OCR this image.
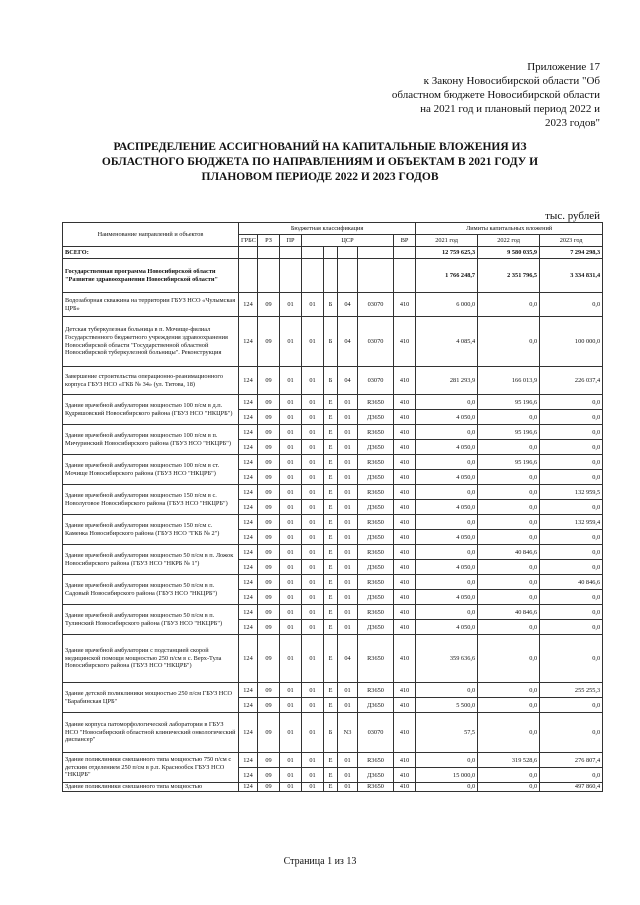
Приложение 17
к Закону Новосибирской области "Об
областном бюджете Новосибирской области
на 2021 год и плановый период 2022 и
2023 годов"
РАСПРЕДЕЛЕНИЕ АССИГНОВАНИЙ НА КАПИТАЛЬНЫЕ ВЛОЖЕНИЯ ИЗ
ОБЛАСТНОГО БЮДЖЕТА ПО НАПРАВЛЕНИЯМ И ОБЪЕКТАМ В 2021 ГОДУ И
ПЛАНОВОМ ПЕРИОДЕ 2022 И 2023 ГОДОВ
тыс. рублей
Наименование направлений и объектов	Бюджетная классификация								Лимиты капитальных вложений		
	ГРБС	РЗ	ПР	ЦСР				ВР	2021 год	2022 год	2023 год
ВСЕГО:									12 759 625,3	9 580 035,9	7 294 298,3
Государственная программа Новосибирской области "Развитие здравоохранения Новосибирской области"									1 766 248,7	2 351 796,5	3 334 831,4
Водозаборная скважина на территории ГБУЗ НСО «Чулымская ЦРБ»	124	09	01	01	Б	04	03070	410	6 000,0	0,0	0,0
Детская туберкулезная больница в п. Мочище-филиал Государственного бюджетного учреждения здравоохранения Новосибирской области "Государственной областной Новосибирской туберкулезной больницы". Реконструкция	124	09	01	01	Б	04	03070	410	4 085,4	0,0	100 000,0
Завершение строительства операционно-реанимационного корпуса ГБУЗ НСО «ГКБ № 34» (ул. Титова, 18)	124	09	01	01	Б	04	03070	410	281 293,9	166 013,9	226 037,4
Здание врачебной амбулатории мощностью 100 п/см в д.п. Кудряшовский Новосибирского района (ГБУЗ НСО "НКЦРБ")	124	09	01	01	Е	01	R3650	410	0,0	95 196,6	0,0
	124	09	01	01	Е	01	Д3650	410	4 050,0	0,0	0,0
Здание врачебной амбулатории мощностью 100 п/см в п. Мичуринский Новосибирского района (ГБУЗ НСО "НКЦРБ")	124	09	01	01	Е	01	R3650	410	0,0	95 196,6	0,0
	124	09	01	01	Е	01	Д3650	410	4 050,0	0,0	0,0
Здание врачебной амбулатории мощностью 100 п/см в ст. Мочище Новосибирского района (ГБУЗ НСО "НКЦРБ")	124	09	01	01	Е	01	R3650	410	0,0	95 196,6	0,0
	124	09	01	01	Е	01	Д3650	410	4 050,0	0,0	0,0
Здание врачебной амбулатории мощностью 150 п/см в с. Новолуговое Новосибирского района (ГБУЗ НСО "НКЦРБ")	124	09	01	01	Е	01	R3650	410	0,0	0,0	132 959,5
	124	09	01	01	Е	01	Д3650	410	4 050,0	0,0	0,0
Здание врачебной амбулатории мощностью 150 п/см с. Каменка Новосибирского района (ГБУЗ НСО "ГКБ № 2")	124	09	01	01	Е	01	R3650	410	0,0	0,0	132 959,4
	124	09	01	01	Е	01	Д3650	410	4 050,0	0,0	0,0
Здание врачебной амбулатории мощностью 50 п/см в п. Ложок Новосибирского района (ГБУЗ НСО "НКРБ № 1")	124	09	01	01	Е	01	R3650	410	0,0	40 846,6	0,0
	124	09	01	01	Е	01	Д3650	410	4 050,0	0,0	0,0
Здание врачебной амбулатории мощностью 50 п/см в п. Садовый Новосибирского района (ГБУЗ НСО "НКЦРБ")	124	09	01	01	Е	01	R3650	410	0,0	0,0	40 846,6
	124	09	01	01	Е	01	Д3650	410	4 050,0	0,0	0,0
Здание врачебной амбулатории мощностью 50 п/см в п. Тулинский Новосибирского района (ГБУЗ НСО "НКЦРБ")	124	09	01	01	Е	01	R3650	410	0,0	40 846,6	0,0
	124	09	01	01	Е	01	Д3650	410	4 050,0	0,0	0,0
Здание врачебной амбулатории с подстанцией скорой медицинской помощи мощностью 250 п/см в с. Верх-Тула Новосибирского района (ГБУЗ НСО "НКЦРБ")	124	09	01	01	Е	04	R3650	410	359 636,6	0,0	0,0
Здание детской поликлиники мощностью 250 п/см ГБУЗ НСО "Барабинская ЦРБ"	124	09	01	01	Е	01	R3650	410	0,0	0,0	255 255,3
	124	09	01	01	Е	01	Д3650	410	5 500,0	0,0	0,0
Здание корпуса патоморфологической лаборатории в ГБУЗ НСО "Новосибирский областной клинический онкологический диспансер"	124	09	01	01	Б	N3	03070	410	57,5	0,0	0,0
Здание поликлиники смешанного типа мощностью 750 п/см с детским отделением 250 п/см в р.п. Краснообск ГБУЗ НСО "НКЦРБ"	124	09	01	01	Е	01	R3650	410	0,0	319 528,6	276 807,4
	124	09	01	01	Е	01	Д3650	410	15 000,0	0,0	0,0
Здание поликлиники смешанного типа мощностью	124	09	01	01	Е	01	R3650	410	0,0	0,0	497 860,4
Страница 1 из 13
